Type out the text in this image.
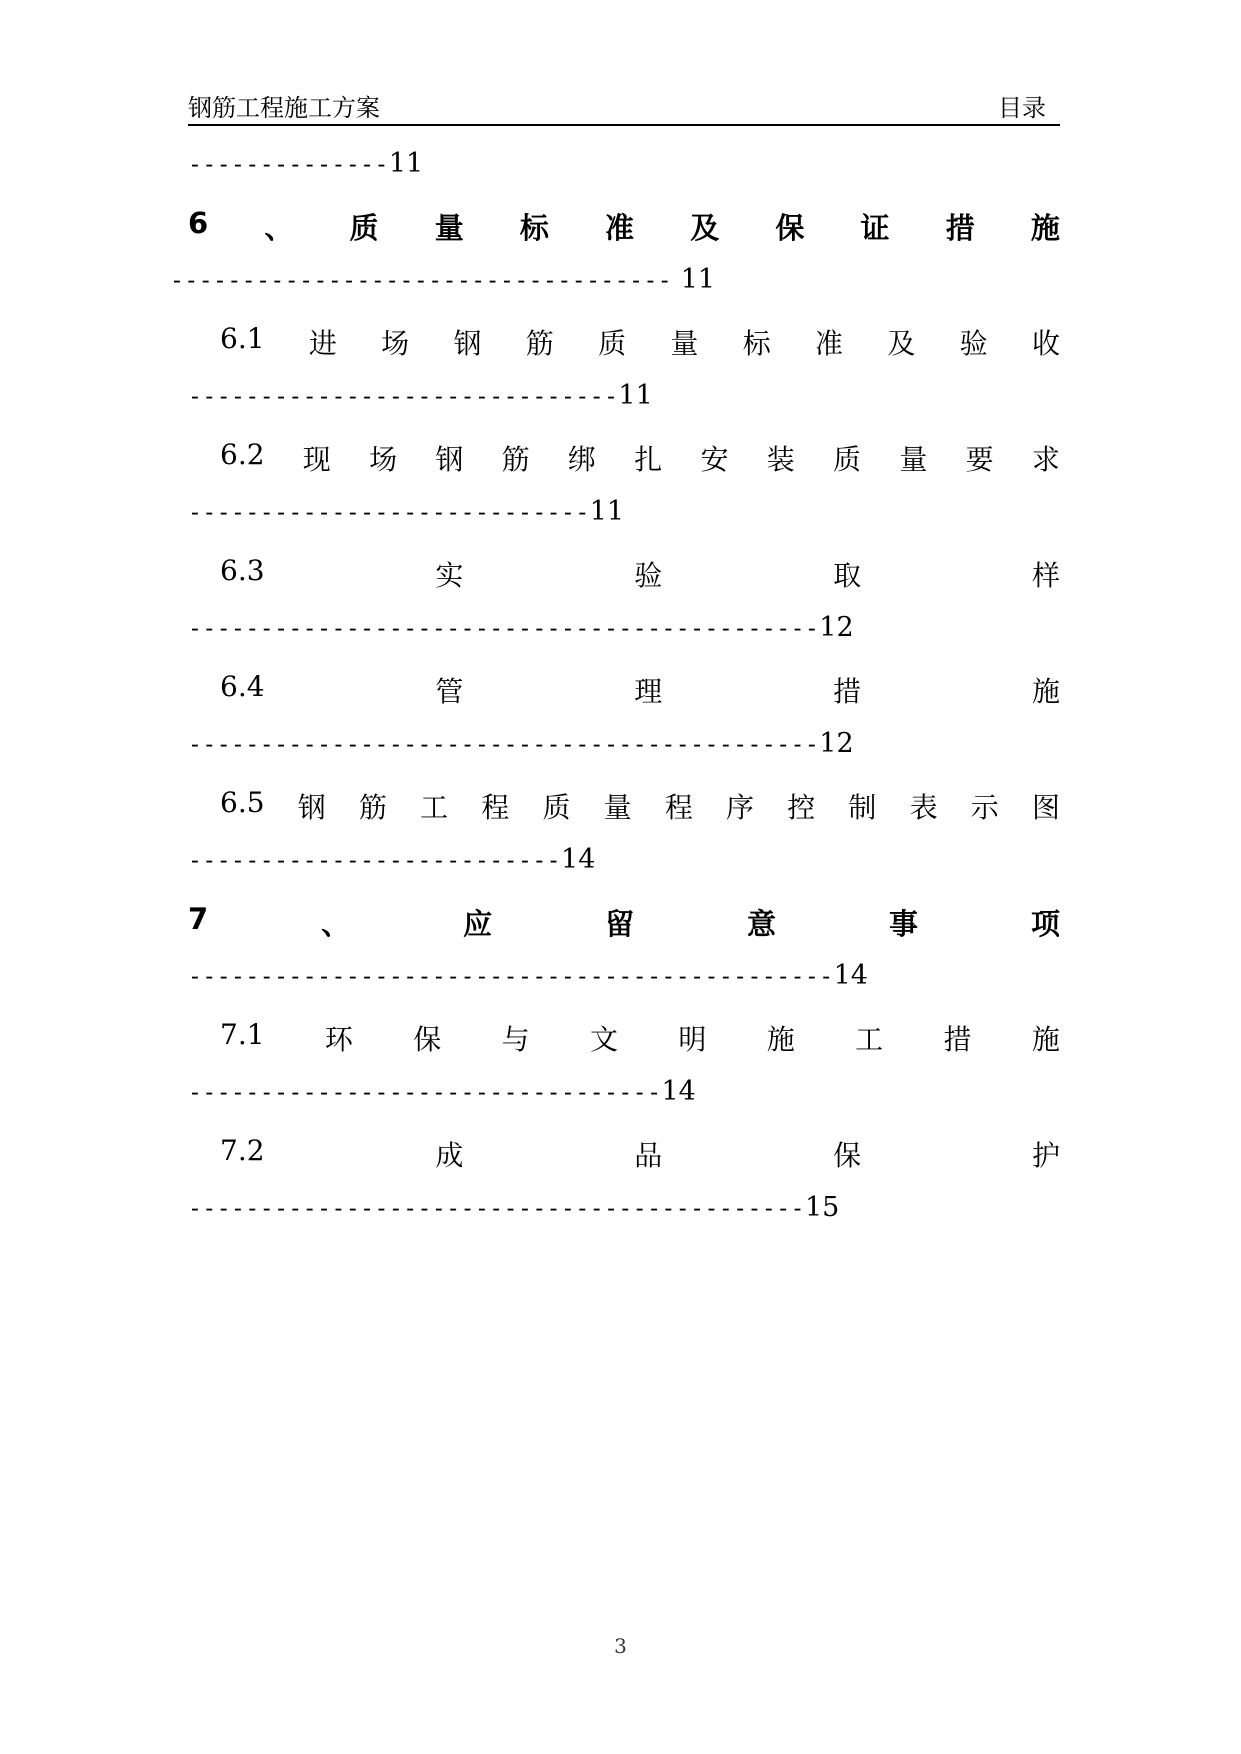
钢筋工程施工方案	目录
--------------11
6 、 质 量 标 准 及 保 证 措 施
----------------------------------- 11
6.1 进 场 钢 筋 质 量 标 准 及 验 收
------------------------------11
6.2 现 场 钢 筋 绑 扎 安 装 质 量 要 求
----------------------------11
6.3	实	验	取	样
--------------------------------------------12
6.4	管	理	措	施
--------------------------------------------12
6.5 钢 筋 工 程 质 量 程 序 控 制 表 示 图
--------------------------14
7	、	应	留	意	事	项
---------------------------------------------14
7.1 环 保 与 文 明 施 工 措 施
---------------------------------14
7.2	成	品	保	护
-------------------------------------------15
3
